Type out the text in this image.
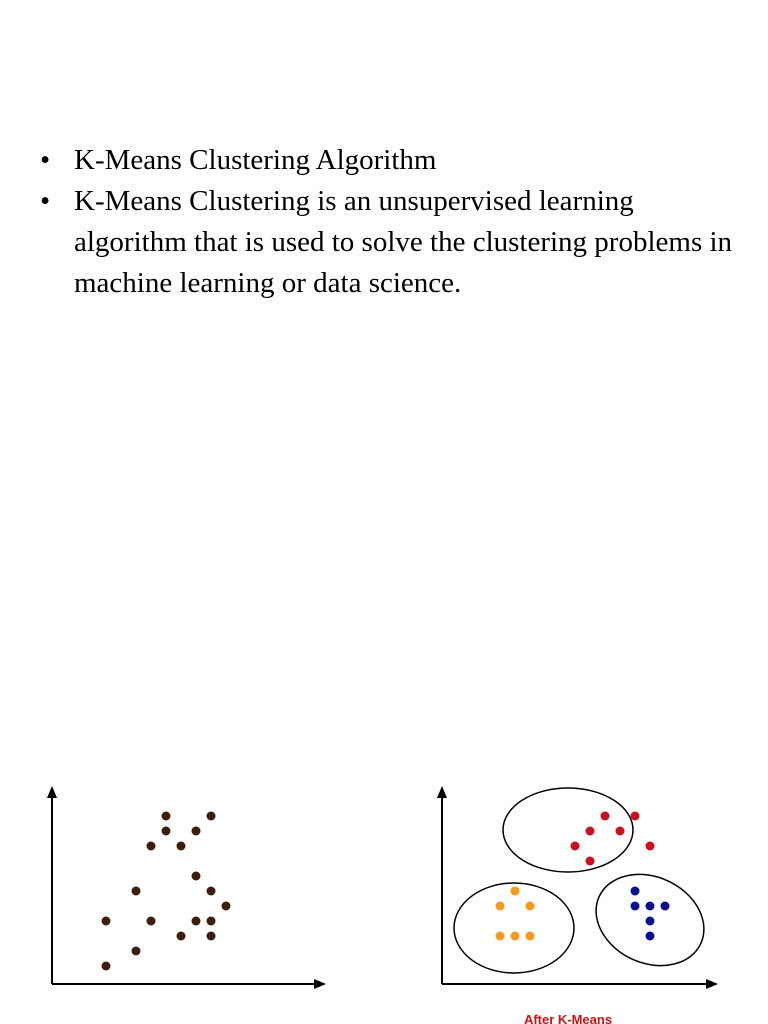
• K-Means Clustering Algorithm
• K-Means Clustering is an unsupervised learning algorithm that is used to solve the clustering problems in machine learning or data science.
After K-Means
